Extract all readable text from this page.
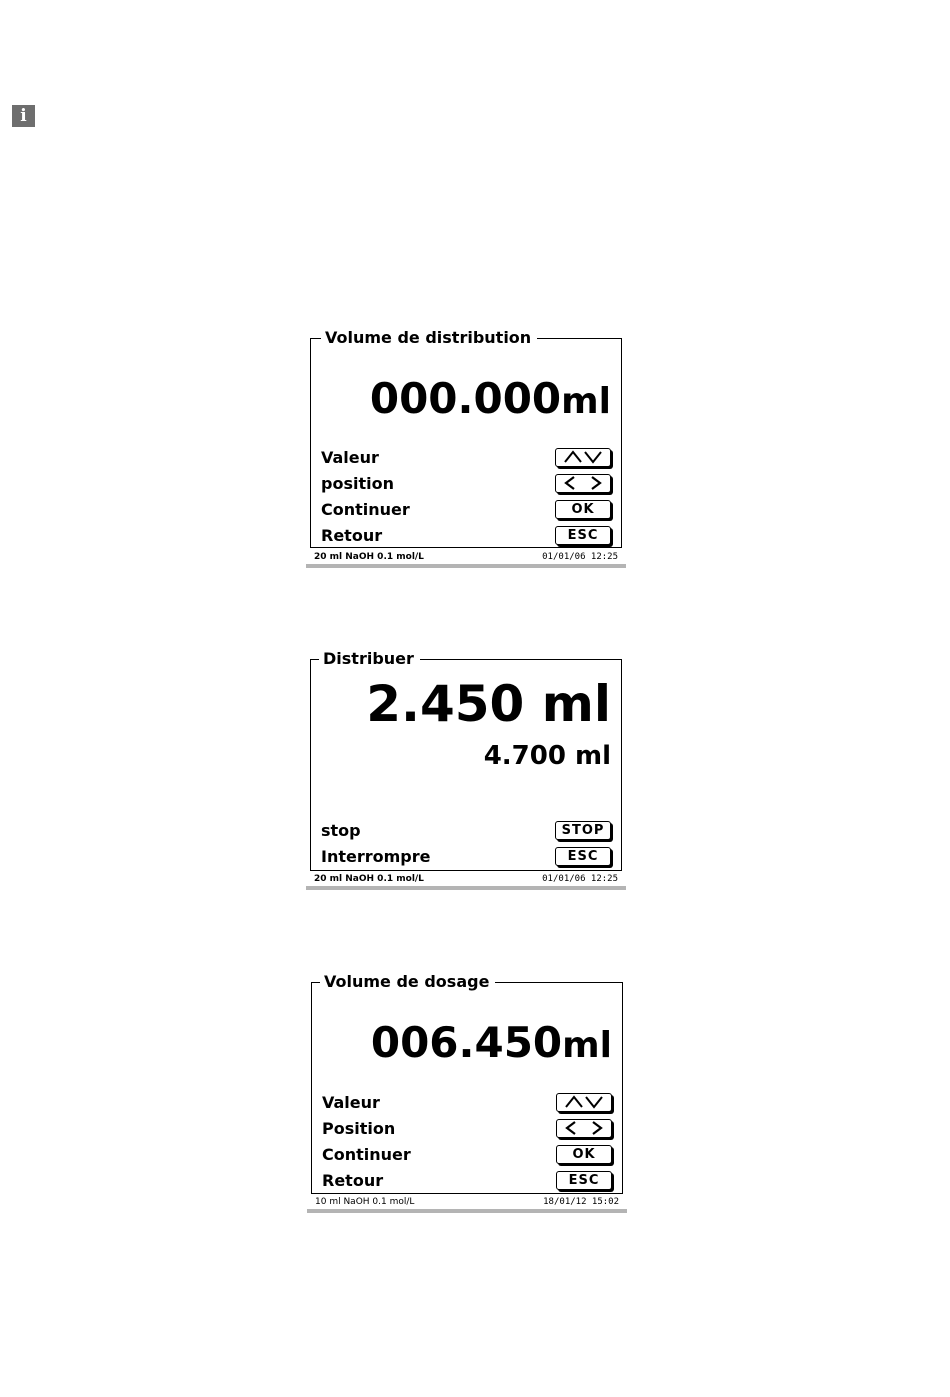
i
Volume de distribution
000.000ml
Valeur
position
Continuer	OK
Retour	ESC
20 ml NaOH 0.1 mol/L	01/01/06 12:25
Distribuer
2.450 ml
4.700 ml
stop	STOP
Interrompre	ESC
20 ml NaOH 0.1 mol/L	01/01/06 12:25
Volume de dosage
006.450ml
Valeur
Position
Continuer	OK
Retour	ESC
10 ml NaOH 0.1 mol/L	18/01/12 15:02
